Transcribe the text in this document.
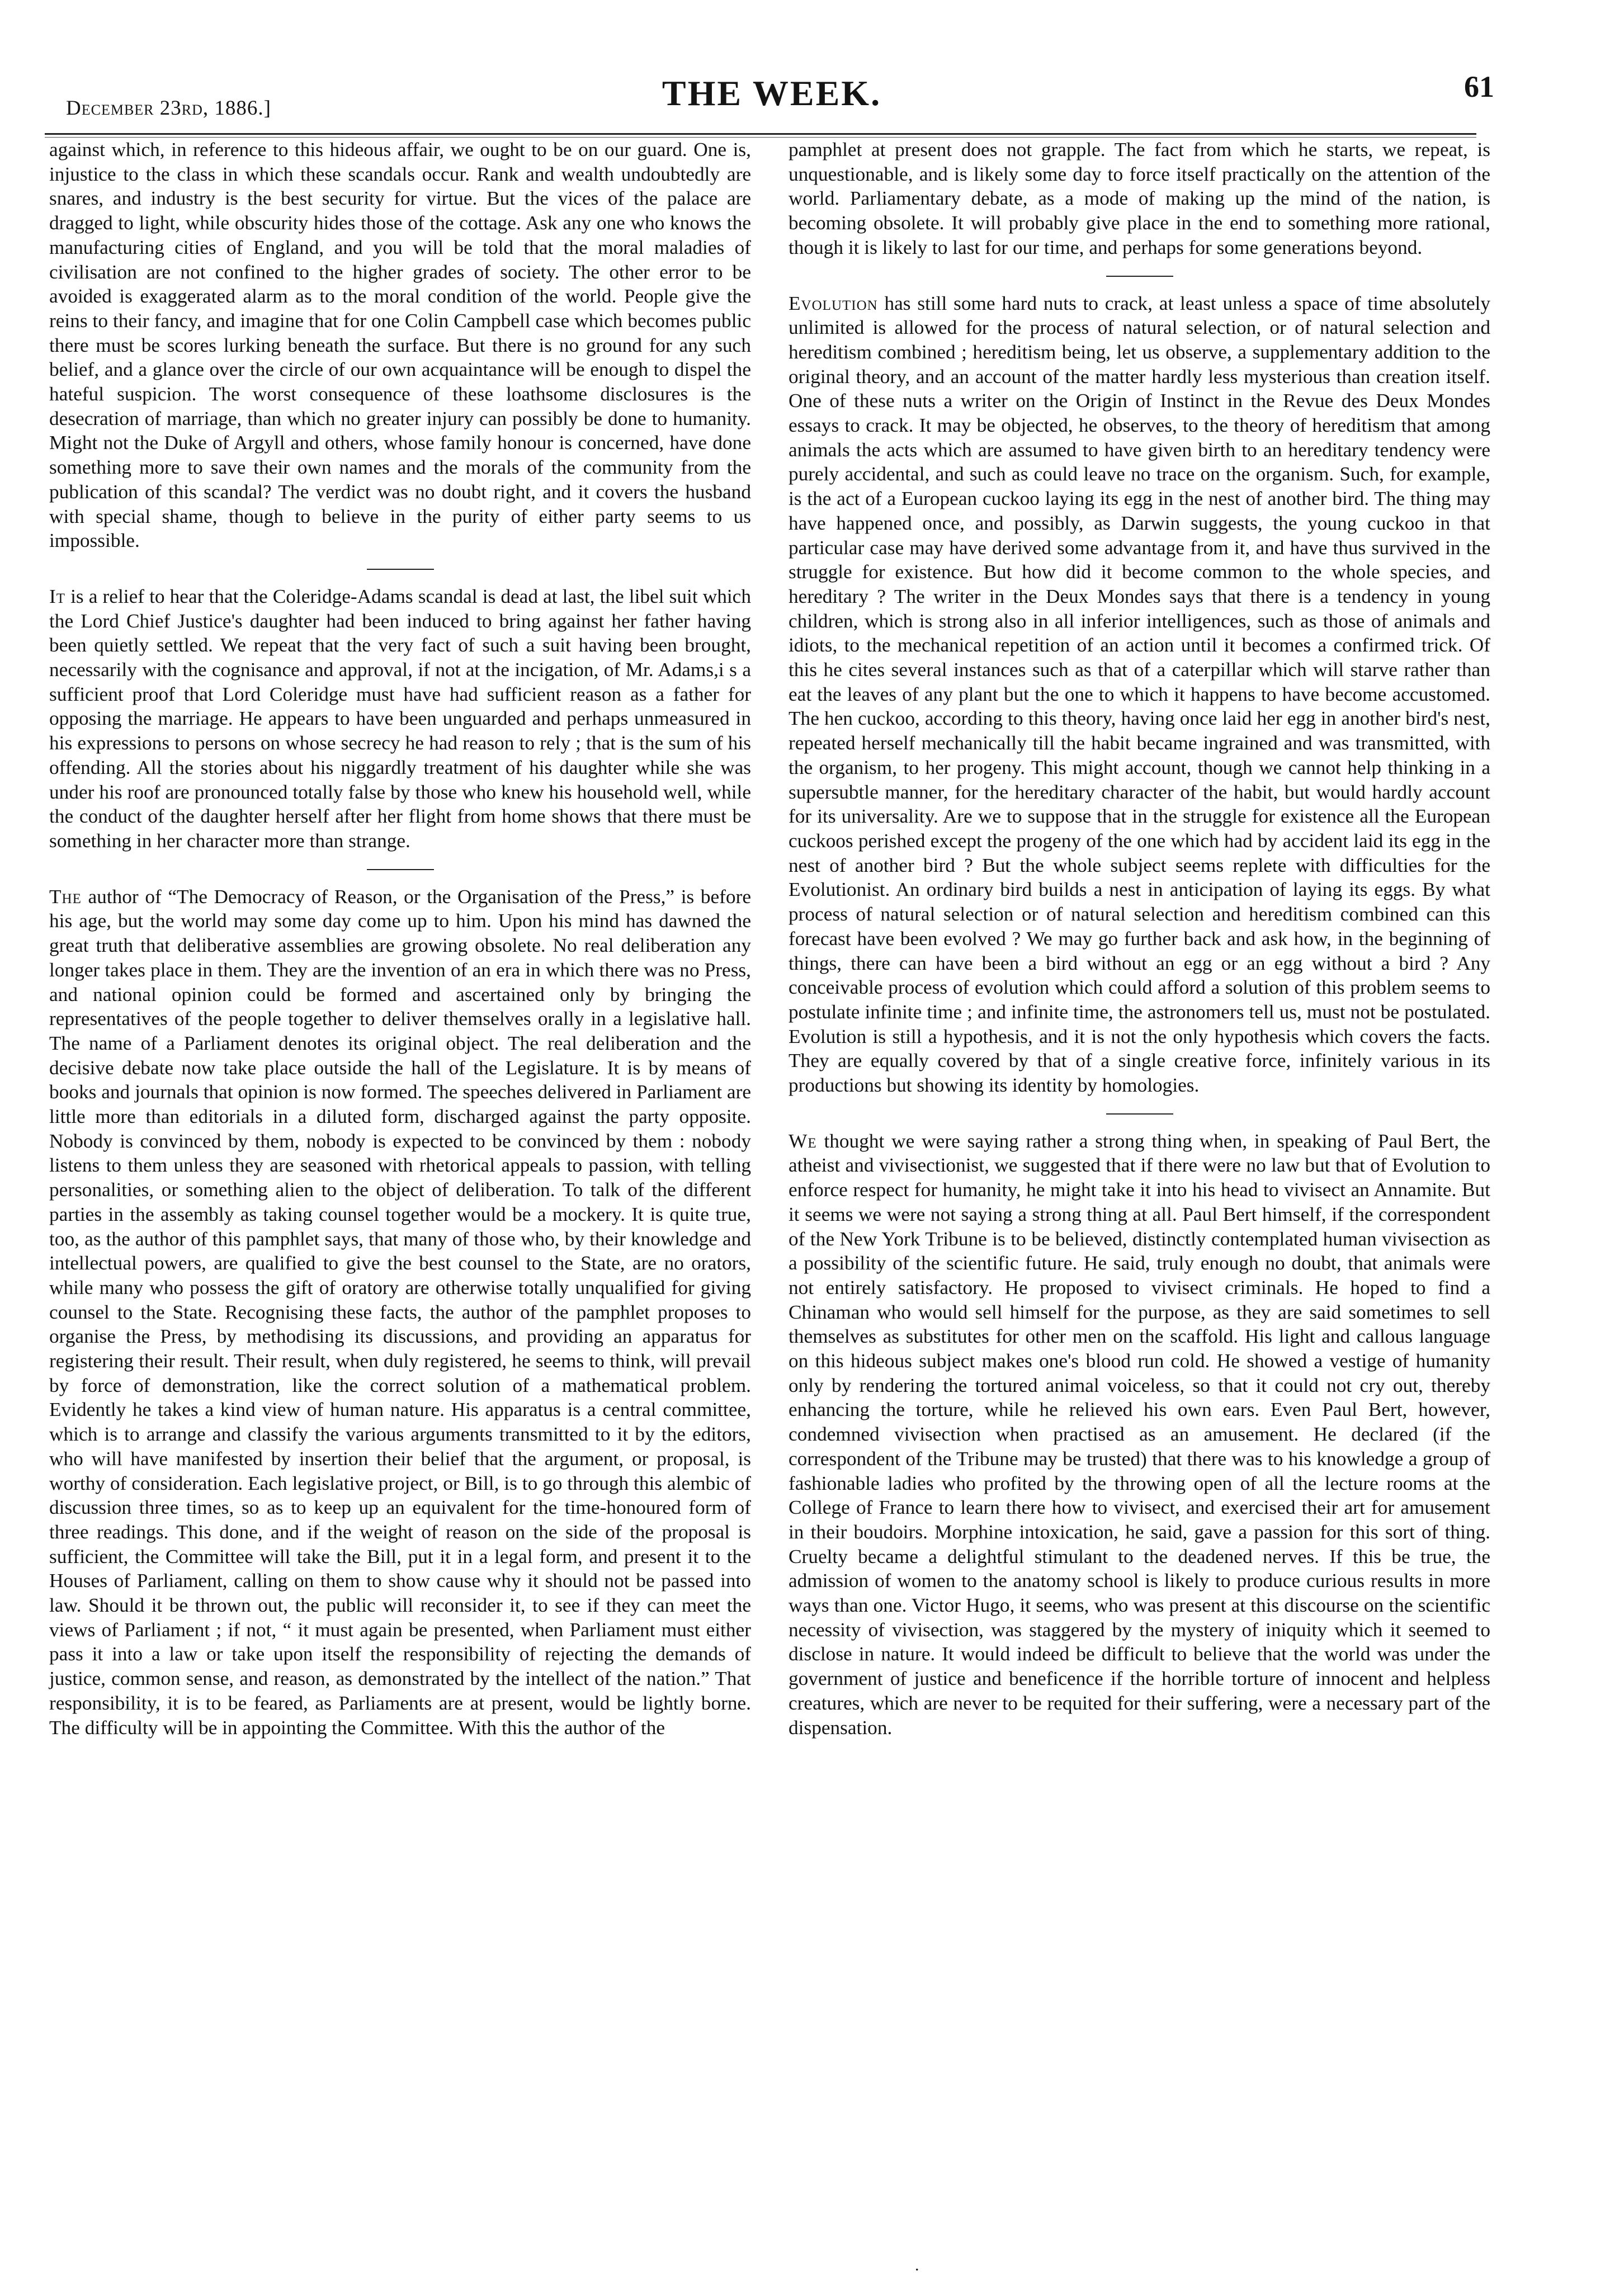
December 23rd, 1886.]	THE WEEK.	61

against which, in reference to this hideous affair, we ought to be on our guard. One is, injustice to the class in which these scandals occur. Rank and wealth undoubtedly are snares, and industry is the best security for virtue. But the vices of the palace are dragged to light, while obscurity hides those of the cottage. Ask any one who knows the manufacturing cities of England, and you will be told that the moral maladies of civilisation are not confined to the higher grades of society. The other error to be avoided is exaggerated alarm as to the moral condition of the world. People give the reins to their fancy, and imagine that for one Colin Campbell case which becomes public there must be scores lurking beneath the surface. But there is no ground for any such belief, and a glance over the circle of our own acquaintance will be enough to dispel the hateful suspicion. The worst consequence of these loathsome disclosures is the desecration of marriage, than which no greater injury can possibly be done to humanity. Might not the Duke of Argyll and others, whose family honour is concerned, have done something more to save their own names and the morals of the community from the publication of this scandal? The verdict was no doubt right, and it covers the husband with special shame, though to believe in the purity of either party seems to us impossible.

It is a relief to hear that the Coleridge-Adams scandal is dead at last, the libel suit which the Lord Chief Justice's daughter had been induced to bring against her father having been quietly settled. We repeat that the very fact of such a suit having been brought, necessarily with the cognisance and approval, if not at the incigation, of Mr. Adams,i s a sufficient proof that Lord Coleridge must have had sufficient reason as a father for opposing the marriage. He appears to have been unguarded and perhaps unmeasured in his expressions to persons on whose secrecy he had reason to rely ; that is the sum of his offending. All the stories about his niggardly treatment of his daughter while she was under his roof are pronounced totally false by those who knew his household well, while the conduct of the daughter herself after her flight from home shows that there must be something in her character more than strange.

The author of “The Democracy of Reason, or the Organisation of the Press,” is before his age, but the world may some day come up to him. Upon his mind has dawned the great truth that deliberative assemblies are growing obsolete. No real deliberation any longer takes place in them. They are the invention of an era in which there was no Press, and national opinion could be formed and ascertained only by bringing the representatives of the people together to deliver themselves orally in a legislative hall. The name of a Parliament denotes its original object. The real deliberation and the decisive debate now take place outside the hall of the Legislature. It is by means of books and journals that opinion is now formed. The speeches delivered in Parliament are little more than editorials in a diluted form, discharged against the party opposite. Nobody is convinced by them, nobody is expected to be convinced by them : nobody listens to them unless they are seasoned with rhetorical appeals to passion, with telling personalities, or something alien to the object of deliberation. To talk of the different parties in the assembly as taking counsel together would be a mockery. It is quite true, too, as the author of this pamphlet says, that many of those who, by their knowledge and intellectual powers, are qualified to give the best counsel to the State, are no orators, while many who possess the gift of oratory are otherwise totally unqualified for giving counsel to the State. Recognising these facts, the author of the pamphlet proposes to organise the Press, by methodising its discussions, and providing an apparatus for registering their result. Their result, when duly registered, he seems to think, will prevail by force of demonstration, like the correct solution of a mathematical problem. Evidently he takes a kind view of human nature. His apparatus is a central committee, which is to arrange and classify the various arguments transmitted to it by the editors, who will have manifested by insertion their belief that the argument, or proposal, is worthy of consideration. Each legislative project, or Bill, is to go through this alembic of discussion three times, so as to keep up an equivalent for the time-honoured form of three readings. This done, and if the weight of reason on the side of the proposal is sufficient, the Committee will take the Bill, put it in a legal form, and present it to the Houses of Parliament, calling on them to show cause why it should not be passed into law. Should it be thrown out, the public will reconsider it, to see if they can meet the views of Parliament ; if not, “ it must again be presented, when Parliament must either pass it into a law or take upon itself the responsibility of rejecting the demands of justice, common sense, and reason, as demonstrated by the intellect of the nation.” That responsibility, it is to be feared, as Parliaments are at present, would be lightly borne. The difficulty will be in appointing the Committee. With this the author of the

pamphlet at present does not grapple. The fact from which he starts, we repeat, is unquestionable, and is likely some day to force itself practically on the attention of the world. Parliamentary debate, as a mode of making up the mind of the nation, is becoming obsolete. It will probably give place in the end to something more rational, though it is likely to last for our time, and perhaps for some generations beyond.

Evolution has still some hard nuts to crack, at least unless a space of time absolutely unlimited is allowed for the process of natural selection, or of natural selection and hereditism combined ; hereditism being, let us observe, a supplementary addition to the original theory, and an account of the matter hardly less mysterious than creation itself. One of these nuts a writer on the Origin of Instinct in the Revue des Deux Mondes essays to crack. It may be objected, he observes, to the theory of hereditism that among animals the acts which are assumed to have given birth to an hereditary tendency were purely accidental, and such as could leave no trace on the organism. Such, for example, is the act of a European cuckoo laying its egg in the nest of another bird. The thing may have happened once, and possibly, as Darwin suggests, the young cuckoo in that particular case may have derived some advantage from it, and have thus survived in the struggle for existence. But how did it become common to the whole species, and hereditary ? The writer in the Deux Mondes says that there is a tendency in young children, which is strong also in all inferior intelligences, such as those of animals and idiots, to the mechanical repetition of an action until it becomes a confirmed trick. Of this he cites several instances such as that of a caterpillar which will starve rather than eat the leaves of any plant but the one to which it happens to have become accustomed. The hen cuckoo, according to this theory, having once laid her egg in another bird's nest, repeated herself mechanically till the habit became ingrained and was transmitted, with the organism, to her progeny. This might account, though we cannot help thinking in a supersubtle manner, for the hereditary character of the habit, but would hardly account for its universality. Are we to suppose that in the struggle for existence all the European cuckoos perished except the progeny of the one which had by accident laid its egg in the nest of another bird ? But the whole subject seems replete with difficulties for the Evolutionist. An ordinary bird builds a nest in anticipation of laying its eggs. By what process of natural selection or of natural selection and hereditism combined can this forecast have been evolved ? We may go further back and ask how, in the beginning of things, there can have been a bird without an egg or an egg without a bird ? Any conceivable process of evolution which could afford a solution of this problem seems to postulate infinite time ; and infinite time, the astronomers tell us, must not be postulated. Evolution is still a hypothesis, and it is not the only hypothesis which covers the facts. They are equally covered by that of a single creative force, infinitely various in its productions but showing its identity by homologies.

We thought we were saying rather a strong thing when, in speaking of Paul Bert, the atheist and vivisectionist, we suggested that if there were no law but that of Evolution to enforce respect for humanity, he might take it into his head to vivisect an Annamite. But it seems we were not saying a strong thing at all. Paul Bert himself, if the correspondent of the New York Tribune is to be believed, distinctly contemplated human vivisection as a possibility of the scientific future. He said, truly enough no doubt, that animals were not entirely satisfactory. He proposed to vivisect criminals. He hoped to find a Chinaman who would sell himself for the purpose, as they are said sometimes to sell themselves as substitutes for other men on the scaffold. His light and callous language on this hideous subject makes one's blood run cold. He showed a vestige of humanity only by rendering the tortured animal voiceless, so that it could not cry out, thereby enhancing the torture, while he relieved his own ears. Even Paul Bert, however, condemned vivisection when practised as an amusement. He declared (if the correspondent of the Tribune may be trusted) that there was to his knowledge a group of fashionable ladies who profited by the throwing open of all the lecture rooms at the College of France to learn there how to vivisect, and exercised their art for amusement in their boudoirs. Morphine intoxication, he said, gave a passion for this sort of thing. Cruelty became a delightful stimulant to the deadened nerves. If this be true, the admission of women to the anatomy school is likely to produce curious results in more ways than one. Victor Hugo, it seems, who was present at this discourse on the scientific necessity of vivisection, was staggered by the mystery of iniquity which it seemed to disclose in nature. It would indeed be difficult to believe that the world was under the government of justice and beneficence if the horrible torture of innocent and helpless creatures, which are never to be requited for their suffering, were a necessary part of the dispensation.

.
